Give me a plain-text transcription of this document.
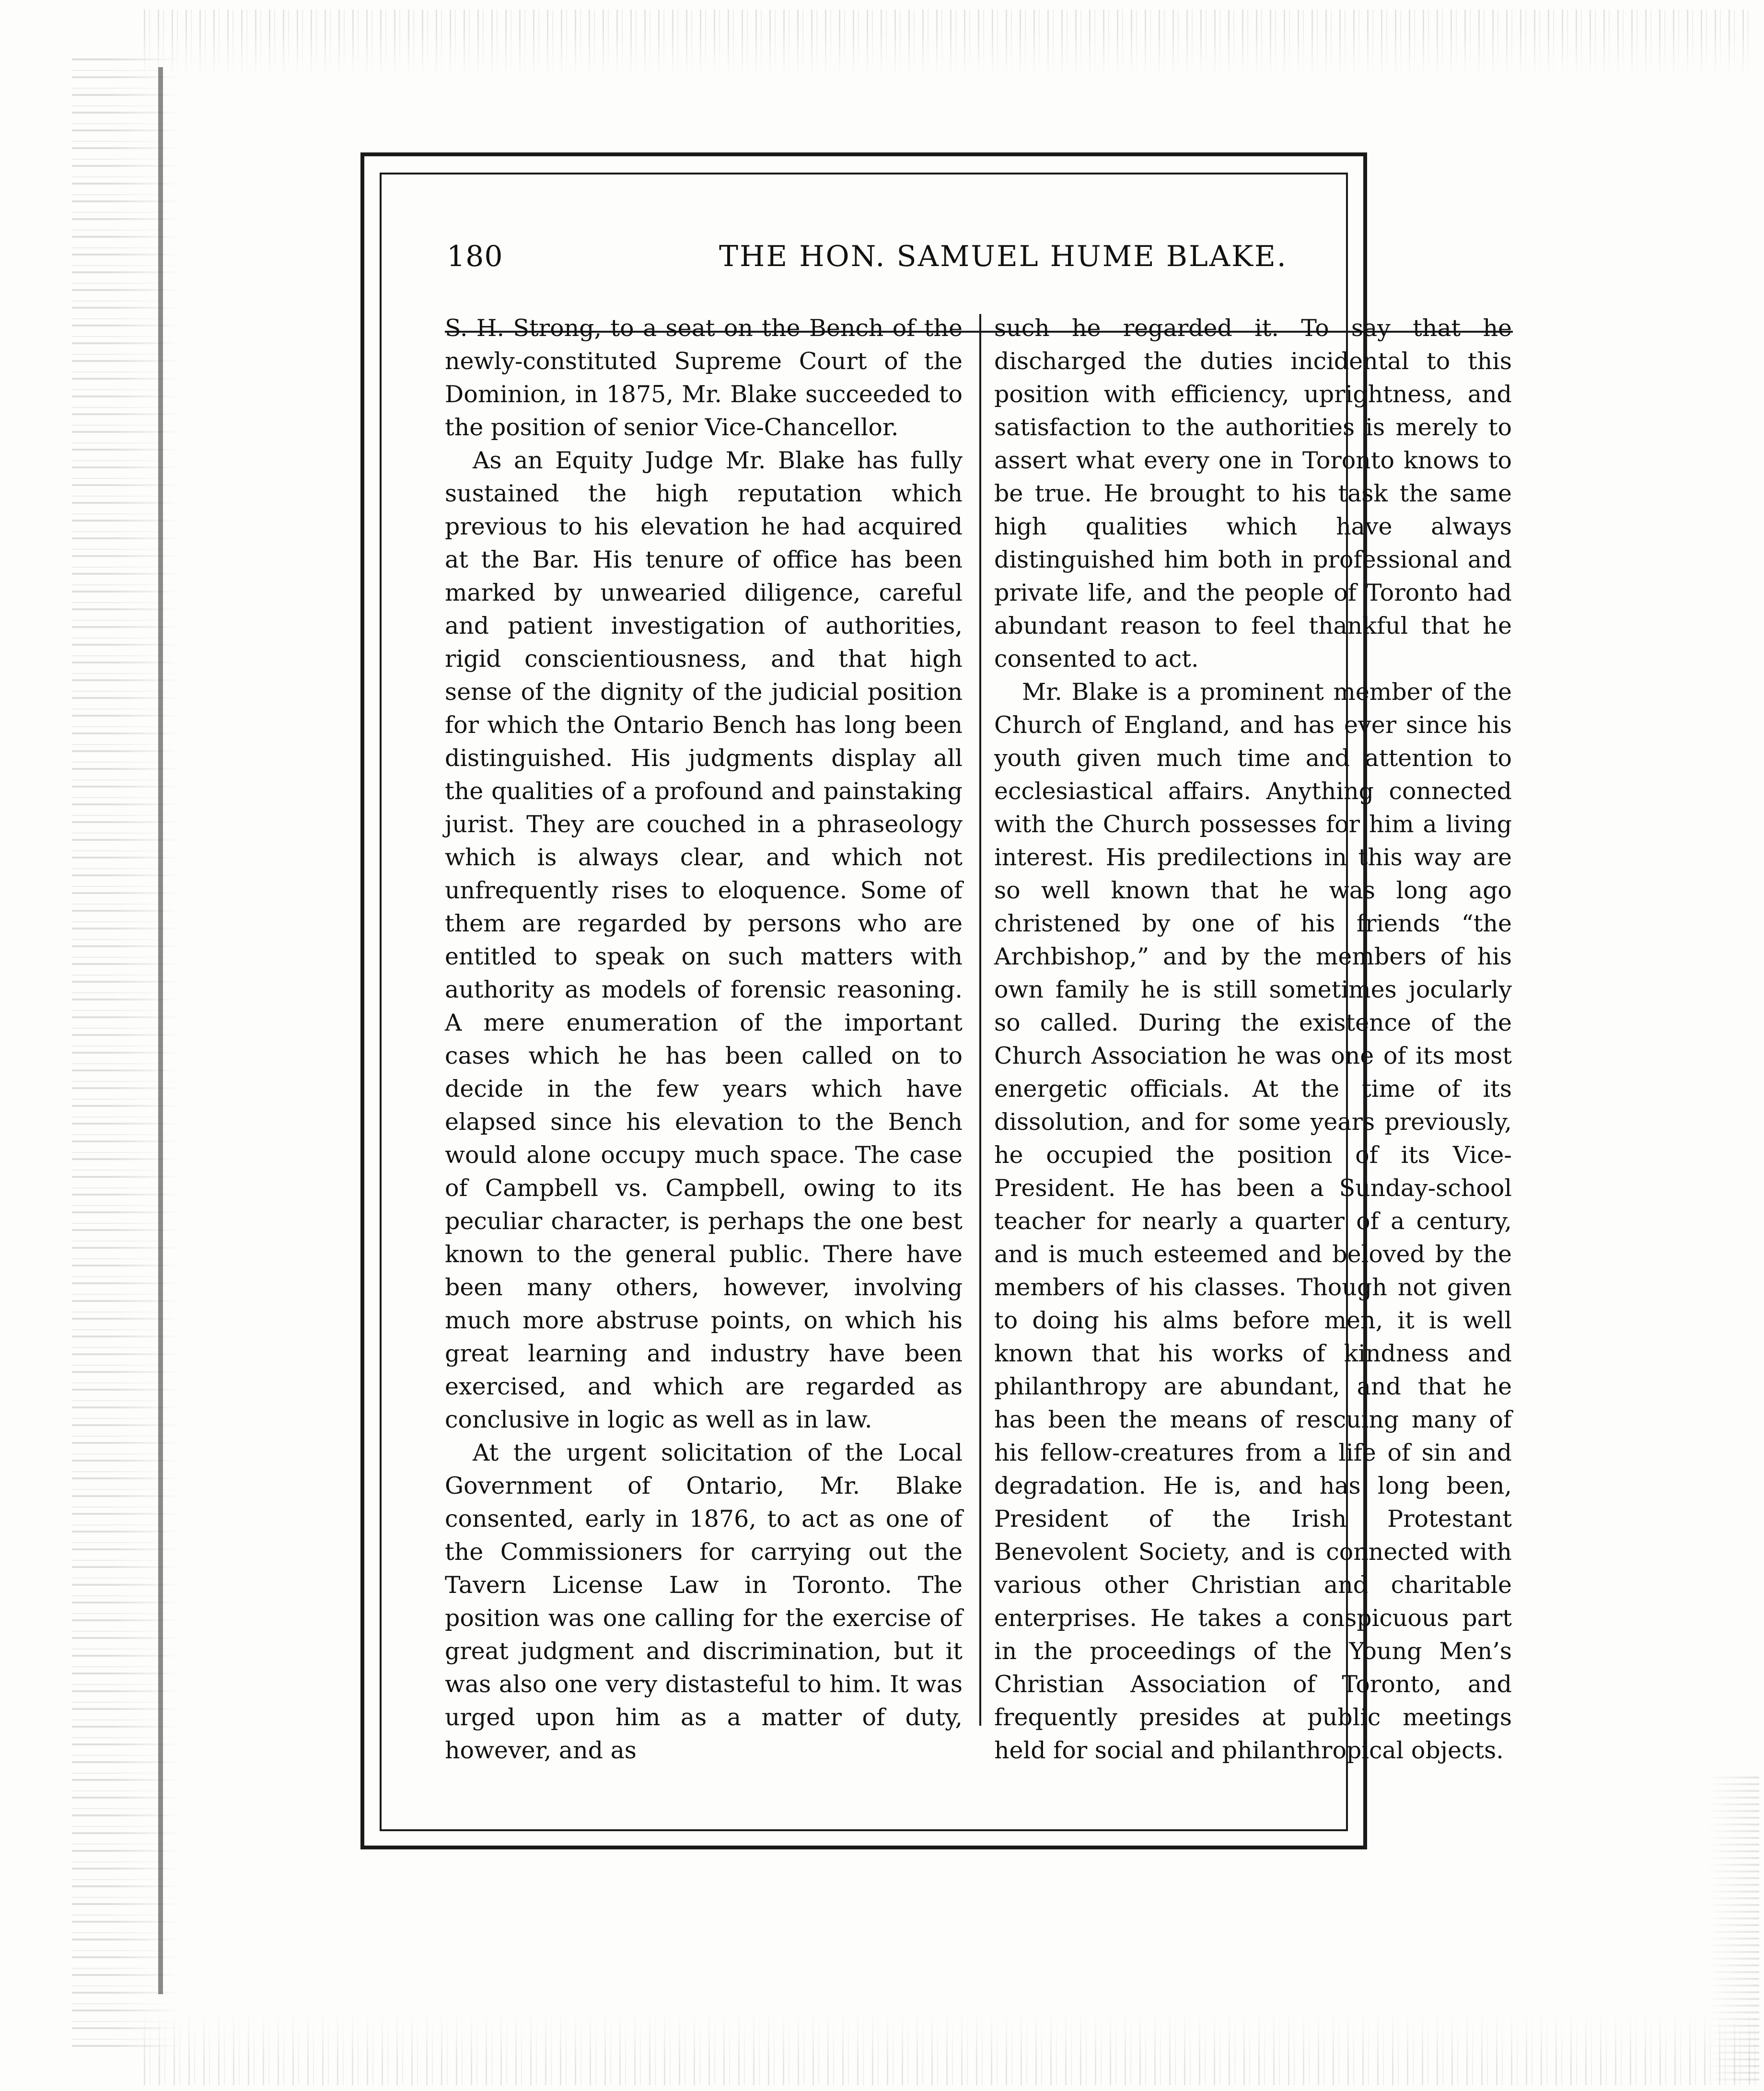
180	THE HON. SAMUEL HUME BLAKE.

S. H. Strong, to a seat on the Bench of the newly-constituted Supreme Court of the Dominion, in 1875, Mr. Blake succeeded to the position of senior Vice-Chancellor.

As an Equity Judge Mr. Blake has fully sustained the high reputation which previous to his elevation he had acquired at the Bar. His tenure of office has been marked by unwearied diligence, careful and patient investigation of authorities, rigid conscientiousness, and that high sense of the dignity of the judicial position for which the Ontario Bench has long been distinguished. His judgments display all the qualities of a profound and painstaking jurist. They are couched in a phraseology which is always clear, and which not unfrequently rises to eloquence. Some of them are regarded by persons who are entitled to speak on such matters with authority as models of forensic reasoning. A mere enumeration of the important cases which he has been called on to decide in the few years which have elapsed since his elevation to the Bench would alone occupy much space. The case of Campbell vs. Campbell, owing to its peculiar character, is perhaps the one best known to the general public. There have been many others, however, involving much more abstruse points, on which his great learning and industry have been exercised, and which are regarded as conclusive in logic as well as in law.

At the urgent solicitation of the Local Government of Ontario, Mr. Blake consented, early in 1876, to act as one of the Commissioners for carrying out the Tavern License Law in Toronto. The position was one calling for the exercise of great judgment and discrimination, but it was also one very distasteful to him. It was urged upon him as a matter of duty, however, and as

such he regarded it. To say that he discharged the duties incidental to this position with efficiency, uprightness, and satisfaction to the authorities is merely to assert what every one in Toronto knows to be true. He brought to his task the same high qualities which have always distinguished him both in professional and private life, and the people of Toronto had abundant reason to feel thankful that he consented to act.

Mr. Blake is a prominent member of the Church of England, and has ever since his youth given much time and attention to ecclesiastical affairs. Anything connected with the Church possesses for him a living interest. His predilections in this way are so well known that he was long ago christened by one of his friends “the Archbishop,” and by the members of his own family he is still sometimes jocularly so called. During the existence of the Church Association he was one of its most energetic officials. At the time of its dissolution, and for some years previously, he occupied the position of its Vice-President. He has been a Sunday-school teacher for nearly a quarter of a century, and is much esteemed and beloved by the members of his classes. Though not given to doing his alms before men, it is well known that his works of kindness and philanthropy are abundant, and that he has been the means of rescuing many of his fellow-creatures from a life of sin and degradation. He is, and has long been, President of the Irish Protestant Benevolent Society, and is connected with various other Christian and charitable enterprises. He takes a conspicuous part in the proceedings of the Young Men’s Christian Association of Toronto, and frequently presides at public meetings held for social and philanthropical objects.
